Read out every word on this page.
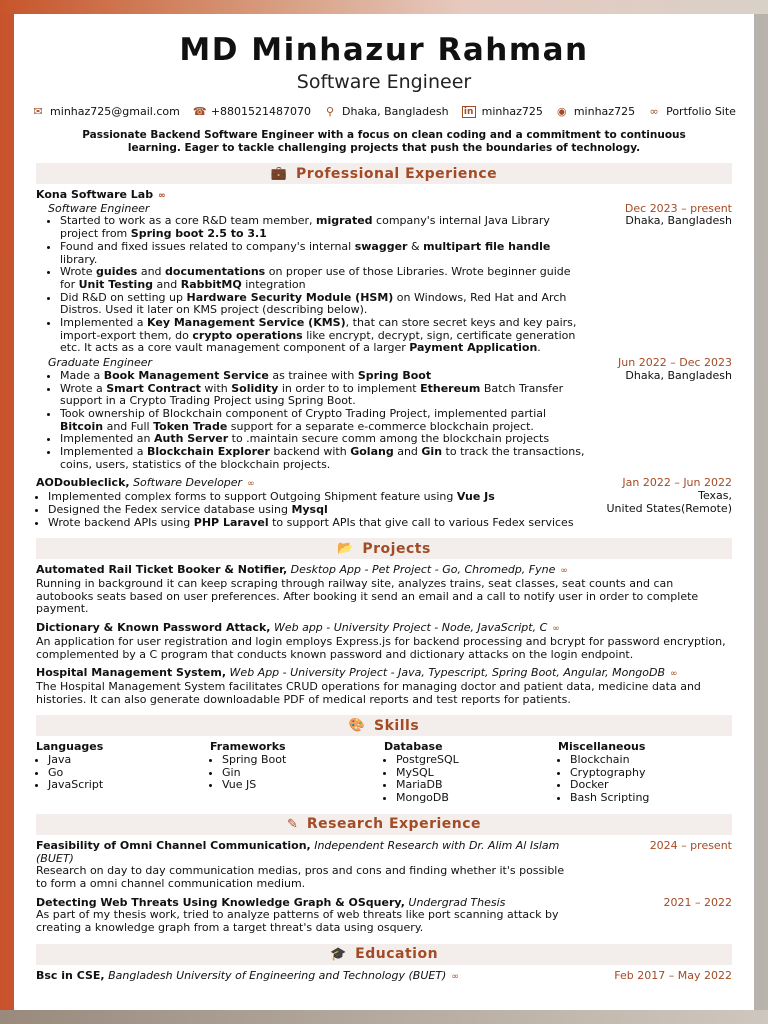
MD Minhazur Rahman
Software Engineer
✉ minhaz725@gmail.com ☎ +8801521487070 ⚲ Dhaka, Bangladesh in minhaz725 ◉ minhaz725 ∞ Portfolio Site
Passionate Backend Software Engineer with a focus on clean coding and a commitment to continuous learning. Eager to tackle challenging projects that push the boundaries of technology.
💼 Professional Experience
Kona Software Lab ∞
Software Engineer
• Started to work as a core R&D team member, migrated company's internal Java Library project from Spring boot 2.5 to 3.1
• Found and fixed issues related to company's internal swagger & multipart file handle library.
• Wrote guides and documentations on proper use of those Libraries. Wrote beginner guide for Unit Testing and RabbitMQ integration
• Did R&D on setting up Hardware Security Module (HSM) on Windows, Red Hat and Arch Distros. Used it later on KMS project (describing below).
• Implemented a Key Management Service (KMS), that can store secret keys and key pairs, import-export them, do crypto operations like encrypt, decrypt, sign, certificate generation etc. It acts as a core vault management component of a larger Payment Application.
Dec 2023 – present
Dhaka, Bangladesh
Graduate Engineer
• Made a Book Management Service as trainee with Spring Boot
• Wrote a Smart Contract with Solidity in order to to implement Ethereum Batch Transfer support in a Crypto Trading Project using Spring Boot.
• Took ownership of Blockchain component of Crypto Trading Project, implemented partial Bitcoin and Full Token Trade support for a separate e-commerce blockchain project.
• Implemented an Auth Server to .maintain secure comm among the blockchain projects
• Implemented a Blockchain Explorer backend with Golang and Gin to track the transactions, coins, users, statistics of the blockchain projects.
Jun 2022 – Dec 2023
Dhaka, Bangladesh
AODoubleclick, Software Developer ∞
• Implemented complex forms to support Outgoing Shipment feature using Vue Js
• Designed the Fedex service database using Mysql
• Wrote backend APIs using PHP Laravel to support APIs that give call to various Fedex services
Jan 2022 – Jun 2022
Texas,
United States(Remote)
📂 Projects
Automated Rail Ticket Booker & Notifier, Desktop App - Pet Project - Go, Chromedp, Fyne ∞
Running in background it can keep scraping through railway site, analyzes trains, seat classes, seat counts and can autobooks seats based on user preferences. After booking it send an email and a call to notify user in order to complete payment.
Dictionary & Known Password Attack, Web app - University Project - Node, JavaScript, C ∞
An application for user registration and login employs Express.js for backend processing and bcrypt for password encryption, complemented by a C program that conducts known password and dictionary attacks on the login endpoint.
Hospital Management System, Web App - University Project - Java, Typescript, Spring Boot, Angular, MongoDB ∞
The Hospital Management System facilitates CRUD operations for managing doctor and patient data, medicine data and histories. It can also generate downloadable PDF of medical reports and test reports for patients.
🎨 Skills
Languages
• Java
• Go
• JavaScript
Frameworks
• Spring Boot
• Gin
• Vue JS
Database
• PostgreSQL
• MySQL
• MariaDB
• MongoDB
Miscellaneous
• Blockchain
• Cryptography
• Docker
• Bash Scripting
✎ Research Experience
Feasibility of Omni Channel Communication, Independent Research with Dr. Alim Al Islam (BUET)
Research on day to day communication medias, pros and cons and finding whether it's possible to form a omni channel communication medium.
2024 – present
Detecting Web Threats Using Knowledge Graph & OSquery, Undergrad Thesis
As part of my thesis work, tried to analyze patterns of web threats like port scanning attack by creating a knowledge graph from a target threat's data using osquery.
2021 – 2022
🎓 Education
Bsc in CSE, Bangladesh University of Engineering and Technology (BUET) ∞	Feb 2017 – May 2022
